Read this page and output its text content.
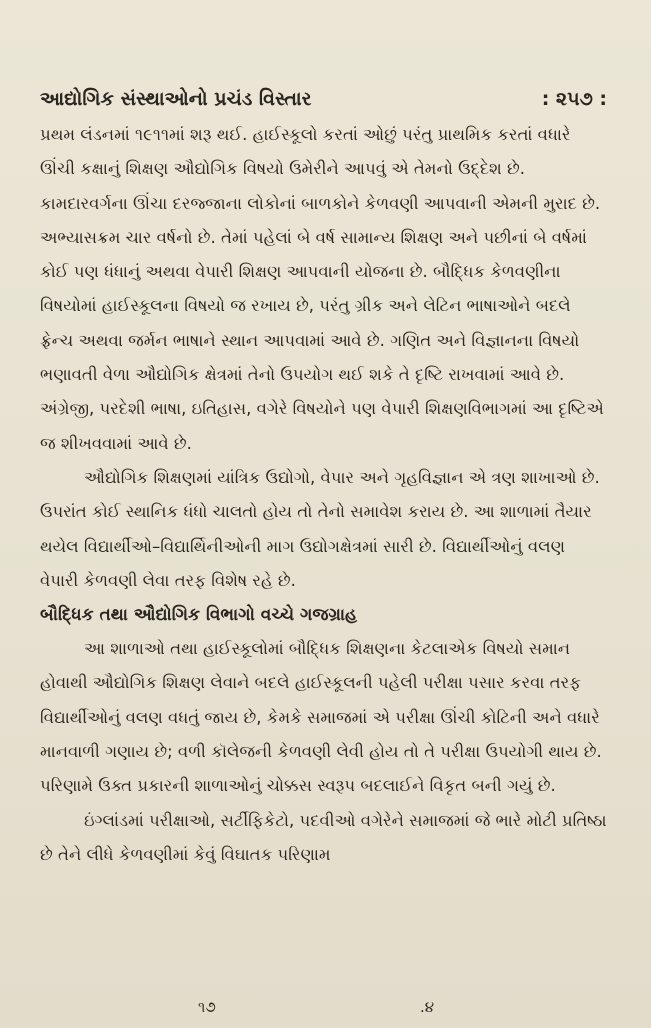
આદ્યોગિક સંસ્થાઓનો પ્રચંડ વિસ્તાર	: ૨૫૭ :

પ્રથમ લંડનમાં ૧૯૧૧માં શરૂ થઈ. હાઈસ્કૂલો કરતાં ઓછું પરંતુ પ્રાથમિક કરતાં વધારે ઊંચી કક્ષાનું શિક્ષણ ઔદ્યોગિક વિષયો ઉમેરીને આપવું એ તેમનો ઉદ્દેશ છે. કામદારવર્ગના ઊંચા દરજ્જાના લોકોનાં બાળકોને કેળવણી આપવાની એમની મુરાદ છે. અભ્યાસક્રમ ચાર વર્ષનો છે. તેમાં પહેલાં બે વર્ષ સામાન્ય શિક્ષણ અને પછીનાં બે વર્ષમાં કોઈ પણ ધંધાનું અથવા વેપારી શિક્ષણ આપવાની યોજના છે. બૌદ્ધિક કેળવણીના વિષયોમાં હાઈસ્કૂલના વિષયો જ રખાય છે, પરંતુ ગ્રીક અને લેટિન ભાષાઓને બદલે ફ્રેન્ચ અથવા જર્મન ભાષાને સ્થાન આપવામાં આવે છે. ગણિત અને વિજ્ઞાનના વિષયો ભણાવતી વેળા ઔદ્યોગિક ક્ષેત્રમાં તેનો ઉપયોગ થઈ શકે તે દૃષ્ટિ રાખવામાં આવે છે. અંગ્રેજી, પરદેશી ભાષા, ઇતિહાસ, વગેરે વિષયોને પણ વેપારી શિક્ષણવિભાગમાં આ દૃષ્ટિએ જ શીખવવામાં આવે છે.

ઔદ્યોગિક શિક્ષણમાં યાંત્રિક ઉદ્યોગો, વેપાર અને ગૃહવિજ્ઞાન એ ત્રણ શાખાઓ છે. ઉપરાંત કોઈ સ્થાનિક ધંધો ચાલતો હોય તો તેનો સમાવેશ કરાય છે. આ શાળામાં તૈયાર થયેલ વિદ્યાર્થીઓ–વિદ્યાર્થિનીઓની માગ ઉદ્યોગક્ષેત્રમાં સારી છે. વિદ્યાર્થીઓનું વલણ વેપારી કેળવણી લેવા તરફ વિશેષ રહે છે.

બૌદ્ધિક તથા ઔદ્યોગિક વિભાગો વચ્ચે ગજગ્રાહ

આ શાળાઓ તથા હાઈસ્કૂલોમાં બૌદ્ધિક શિક્ષણના કેટલાએક વિષયો સમાન હોવાથી ઔદ્યોગિક શિક્ષણ લેવાને બદલે હાઈસ્કૂલની પહેલી પરીક્ષા પસાર કરવા તરફ વિદ્યાર્થીઓનું વલણ વધતું જાય છે, કેમકે સમાજમાં એ પરીક્ષા ઊંચી કોટિની અને વધારે માનવાળી ગણાય છે; વળી કૉલેજની કેળવણી લેવી હોય તો તે પરીક્ષા ઉપયોગી થાય છે. પરિણામે ઉક્ત પ્રકારની શાળાઓનું ચોક્કસ સ્વરૂપ બદલાઈને વિકૃત બની ગયું છે.

ઇંગ્લાંડમાં પરીક્ષાઓ, સર્ટીફિકેટો, પદવીઓ વગેરેને સમાજમાં જે ભારે મોટી પ્રતિષ્ઠા છે તેને લીધે કેળવણીમાં કેવું વિઘાતક પરિણામ

૧૭	.૪
